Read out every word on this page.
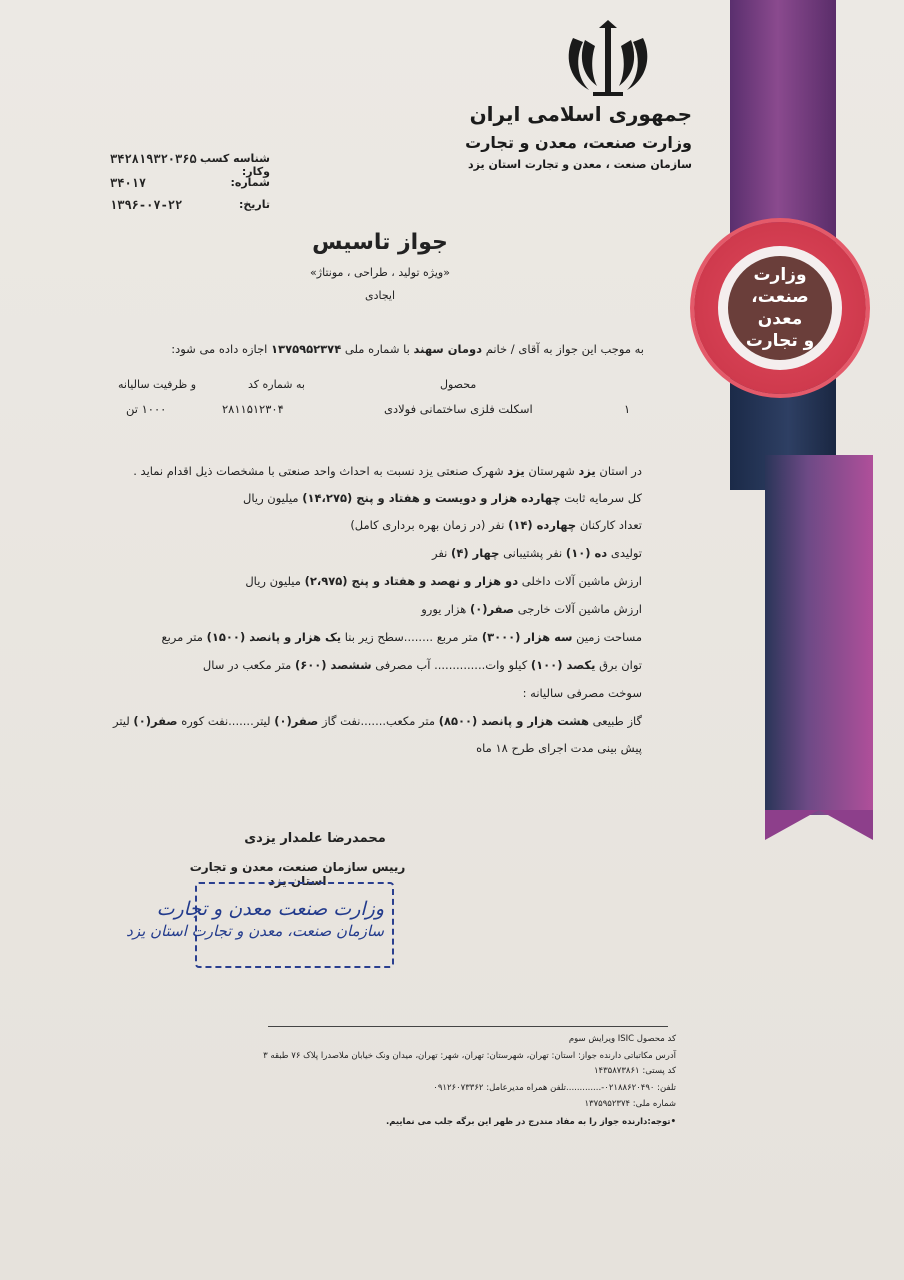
وزارت
صنعت، معدن
و تجارت
جمهوری اسلامی ایران
وزارت صنعت، معدن و تجارت
سازمان صنعت ، معدن و تجارت استان یزد
شناسه کسب وکار:
۳۴۲۸۱۹۳۲۰۳۶۵
شماره:
۳۴۰۱۷
تاریخ:
۱۳۹۶-۰۷-۲۲
جواز تاسیس
«ویژه تولید ، طراحی ، مونتاژ»
ایجادی
به موجب این جواز به آقای / خانم دومان سهند با شماره ملی ۱۳۷۵۹۵۲۳۷۴ اجازه داده می شود:
محصول
به شماره کد
و ظرفیت سالیانه
۱
اسکلت فلزی ساختمانی فولادی
۲۸۱۱۵۱۲۳۰۴
۱۰۰۰ تن
در استان یزد شهرستان یزد شهرک صنعتی یزد نسبت به احداث واحد صنعتی با مشخصات ذیل اقدام نماید .
کل سرمایه ثابت چهارده هزار و دویست و هفتاد و پنج (۱۴،۲۷۵) میلیون ریال
تعداد کارکنان چهارده (۱۴) نفر (در زمان بهره برداری کامل)
تولیدی ده (۱۰) نفر پشتیبانی چهار (۴) نفر
ارزش ماشین آلات داخلی دو هزار و نهصد و هفتاد و پنج (۲،۹۷۵) میلیون ریال
ارزش ماشین آلات خارجی صفر(۰) هزار یورو
مساحت زمین سه هزار (۳۰۰۰) متر مربع ........سطح زیر بنا یک هزار و پانصد (۱۵۰۰) متر مربع
توان برق یکصد (۱۰۰) کیلو وات.............. آب مصرفی ششصد (۶۰۰) متر مکعب در سال
سوخت مصرفی سالیانه :
گاز طبیعی هشت هزار و پانصد (۸۵۰۰) متر مکعب.......نفت گاز صفر(۰) لیتر.......نفت کوره صفر(۰) لیتر
پیش بینی مدت اجرای طرح ۱۸ ماه
محمدرضا علمدار یزدی
رییس سازمان صنعت، معدن و تجارت استان یزد
وزارت صنعت معدن و تجارت
سازمان صنعت، معدن و تجارت استان یزد
کد محصول ISIC ویرایش سوم
آدرس مکاتباتی دارنده جواز: استان: تهران، شهرستان: تهران، شهر: تهران، میدان ونک خیابان ملاصدرا پلاک ۷۶ طبقه ۳
کد پستی: ۱۴۳۵۸۷۳۸۶۱
تلفن: ۰۲۱۸۸۶۲۰۴۹۰-.............تلفن همراه مدیرعامل: ۰۹۱۲۶۰۷۳۳۶۲
شماره ملی: ۱۳۷۵۹۵۲۳۷۴
•توجه:دارنده جواز را به مفاد مندرج در ظهر این برگه جلب می نماییم.
